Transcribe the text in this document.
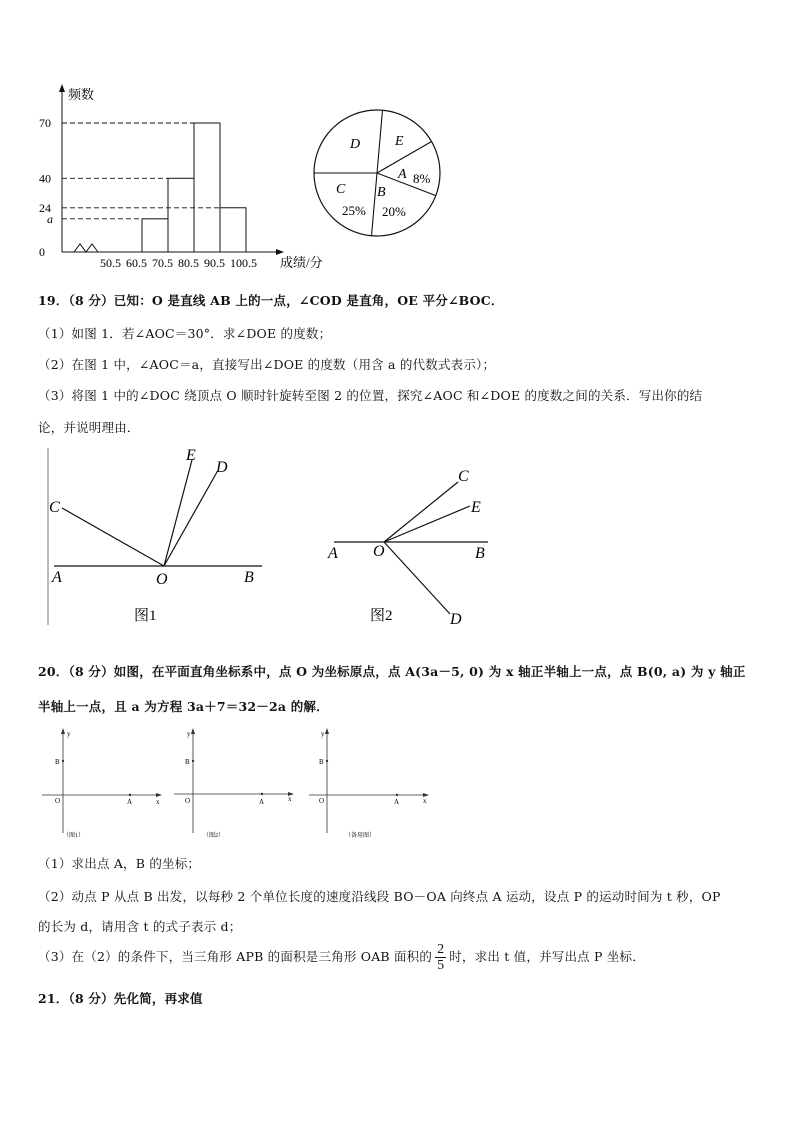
频数
成绩/分
70
40
24
a
0
50.5 60.5 70.5 80.5 90.5 100.5
A 8%
B
20%
C
25%
D E
19．（8 分）已知：O 是直线 AB 上的一点，∠COD 是直角，OE 平分∠BOC．
（1）如图 1．若∠AOC＝30°．求∠DOE 的度数；
（2）在图 1 中，∠AOC＝a，直接写出∠DOE 的度数（用含 a 的代数式表示）；
（3）将图 1 中的∠DOC 绕顶点 O 顺时针旋转至图 2 的位置，探究∠AOC 和∠DOE 的度数之间的关系．写出你的结
论，并说明理由．
C
E
D
A	O	B
图1
C
E
A O	B
D
图2
20．（8 分）如图，在平面直角坐标系中，点 O 为坐标原点，点 A(3a－5, 0) 为 x 轴正半轴上一点，点 B(0, a) 为 y 轴正
半轴上一点，且 a 为方程 3a＋7＝32－2a 的解．
y
x
O
B
A
（图1）
y
x
O
B
A
（图2）
y
x
O
B
A
（备用图）
（1）求出点 A，B 的坐标；
（2）动点 P 从点 B 出发，以每秒 2 个单位长度的速度沿线段 BO－OA 向终点 A 运动，设点 P 的运动时间为 t 秒，OP
的长为 d，请用含 t 的式子表示 d；
（3）在（2）的条件下，当三角形 APB 的面积是三角形 OAB 面积的 $\frac{2}{5}$ 时，求出 t 值，并写出点 P 坐标．
21．（8 分）先化简，再求值
